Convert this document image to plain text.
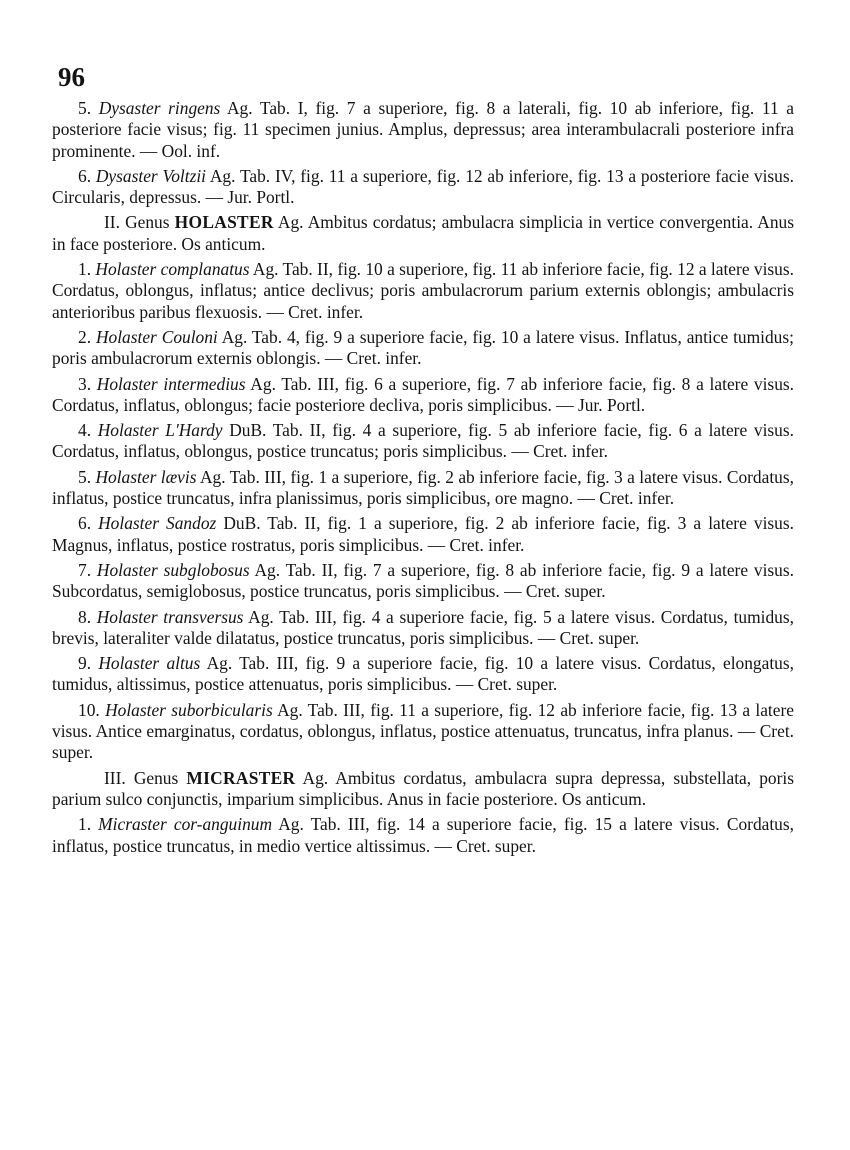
96

5. Dysaster ringens Ag. Tab. I, fig. 7 a superiore, fig. 8 a laterali, fig. 10 ab inferiore, fig. 11 a posteriore facie visus; fig. 11 specimen junius. Amplus, depressus; area interambulacrali posteriore infra prominente. — Ool. inf.

6. Dysaster Voltzii Ag. Tab. IV, fig. 11 a superiore, fig. 12 ab inferiore, fig. 13 a posteriore facie visus. Circularis, depressus. — Jur. Portl.

II. Genus HOLASTER Ag. Ambitus cordatus; ambulacra simplicia in vertice convergentia. Anus in face posteriore. Os anticum.

1. Holaster complanatus Ag. Tab. II, fig. 10 a superiore, fig. 11 ab inferiore facie, fig. 12 a latere visus. Cordatus, oblongus, inflatus; antice declivus; poris ambulacrorum parium externis oblongis; ambulacris anterioribus paribus flexuosis. — Cret. infer.

2. Holaster Couloni Ag. Tab. 4, fig. 9 a superiore facie, fig. 10 a latere visus. Inflatus, antice tumidus; poris ambulacrorum externis oblongis. — Cret. infer.

3. Holaster intermedius Ag. Tab. III, fig. 6 a superiore, fig. 7 ab inferiore facie, fig. 8 a latere visus. Cordatus, inflatus, oblongus; facie posteriore decliva, poris simplicibus. — Jur. Portl.

4. Holaster L'Hardy DuB. Tab. II, fig. 4 a superiore, fig. 5 ab inferiore facie, fig. 6 a latere visus. Cordatus, inflatus, oblongus, postice truncatus; poris simplicibus. — Cret. infer.

5. Holaster lævis Ag. Tab. III, fig. 1 a superiore, fig. 2 ab inferiore facie, fig. 3 a latere visus. Cordatus, inflatus, postice truncatus, infra planissimus, poris simplicibus, ore magno. — Cret. infer.

6. Holaster Sandoz DuB. Tab. II, fig. 1 a superiore, fig. 2 ab inferiore facie, fig. 3 a latere visus. Magnus, inflatus, postice rostratus, poris simplicibus. — Cret. infer.

7. Holaster subglobosus Ag. Tab. II, fig. 7 a superiore, fig. 8 ab inferiore facie, fig. 9 a latere visus. Subcordatus, semiglobosus, postice truncatus, poris simplicibus. — Cret. super.

8. Holaster transversus Ag. Tab. III, fig. 4 a superiore facie, fig. 5 a latere visus. Cordatus, tumidus, brevis, lateraliter valde dilatatus, postice truncatus, poris simplicibus. — Cret. super.

9. Holaster altus Ag. Tab. III, fig. 9 a superiore facie, fig. 10 a latere visus. Cordatus, elongatus, tumidus, altissimus, postice attenuatus, poris simplicibus. — Cret. super.

10. Holaster suborbicularis Ag. Tab. III, fig. 11 a superiore, fig. 12 ab inferiore facie, fig. 13 a latere visus. Antice emarginatus, cordatus, oblongus, inflatus, postice attenuatus, truncatus, infra planus. — Cret. super.

III. Genus MICRASTER Ag. Ambitus cordatus, ambulacra supra depressa, substellata, poris parium sulco conjunctis, imparium simplicibus. Anus in facie posteriore. Os anticum.

1. Micraster cor-anguinum Ag. Tab. III, fig. 14 a superiore facie, fig. 15 a latere visus. Cordatus, inflatus, postice truncatus, in medio vertice altissimus. — Cret. super.
